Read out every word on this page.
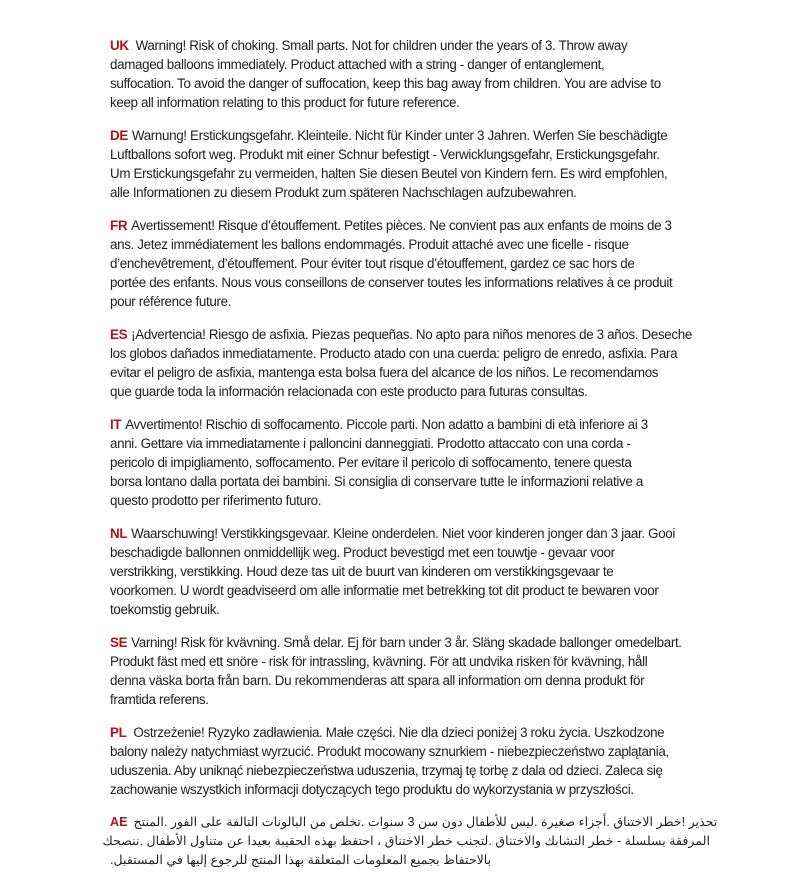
UK Warning! Risk of choking. Small parts. Not for children under the years of 3. Throw away
damaged balloons immediately. Product attached with a string - danger of entanglement,
suffocation. To avoid the danger of suffocation, keep this bag away from children. You are advise to
keep all information relating to this product for future reference.
DE Warnung! Erstickungsgefahr. Kleinteile. Nicht für Kinder unter 3 Jahren. Werfen Sie beschädigte
Luftballons sofort weg. Produkt mit einer Schnur befestigt - Verwicklungsgefahr, Erstickungsgefahr.
Um Erstickungsgefahr zu vermeiden, halten Sie diesen Beutel von Kindern fern. Es wird empfohlen,
alle Informationen zu diesem Produkt zum späteren Nachschlagen aufzubewahren.
FR Avertissement! Risque d’étouffement. Petites pièces. Ne convient pas aux enfants de moins de 3
ans. Jetez immédiatement les ballons endommagés. Produit attaché avec une ficelle - risque
d’enchevêtrement, d’étouffement. Pour éviter tout risque d’étouffement, gardez ce sac hors de
portée des enfants. Nous vous conseillons de conserver toutes les informations relatives à ce produit
pour référence future.
ES ¡Advertencia! Riesgo de asfixia. Piezas pequeñas. No apto para niños menores de 3 años. Deseche
los globos dañados inmediatamente. Producto atado con una cuerda: peligro de enredo, asfixia. Para
evitar el peligro de asfixia, mantenga esta bolsa fuera del alcance de los niños. Le recomendamos
que guarde toda la información relacionada con este producto para futuras consultas.
IT Avvertimento! Rischio di soffocamento. Piccole parti. Non adatto a bambini di età inferiore ai 3
anni. Gettare via immediatamente i palloncini danneggiati. Prodotto attaccato con una corda -
pericolo di impigliamento, soffocamento. Per evitare il pericolo di soffocamento, tenere questa
borsa lontano dalla portata dei bambini. Si consiglia di conservare tutte le informazioni relative a
questo prodotto per riferimento futuro.
NL Waarschuwing! Verstikkingsgevaar. Kleine onderdelen. Niet voor kinderen jonger dan 3 jaar. Gooi
beschadigde ballonnen onmiddellijk weg. Product bevestigd met een touwtje - gevaar voor
verstrikking, verstikking. Houd deze tas uit de buurt van kinderen om verstikkingsgevaar te
voorkomen. U wordt geadviseerd om alle informatie met betrekking tot dit product te bewaren voor
toekomstig gebruik.
SE Varning! Risk för kvävning. Små delar. Ej för barn under 3 år. Släng skadade ballonger omedelbart.
Produkt fäst med ett snöre - risk för intrassling, kvävning. För att undvika risken för kvävning, håll
denna väska borta från barn. Du rekommenderas att spara all information om denna produkt för
framtida referens.
PL Ostrzeżenie! Ryzyko zadławienia. Małe części. Nie dla dzieci poniżej 3 roku życia. Uszkodzone
balony należy natychmiast wyrzucić. Produkt mocowany sznurkiem - niebezpieczeństwo zaplątania,
uduszenia. Aby uniknąć niebezpieczeństwa uduszenia, trzymaj tę torbę z dala od dzieci. Zaleca się
zachowanie wszystkich informacji dotyczących tego produktu do wykorzystania w przyszłości.
AE تحذير !خطر الاختناق .أجزاء صغيرة .ليس للأطفال دون سن 3 سنوات .تخلص من البالونات التالفة على الفور .المنتج
المرفقة بسلسلة - خطر التشابك والاختناق .لتجنب خطر الاختناق ، احتفظ بهذه الحقيبة بعيدا عن متناول الأطفال .ننصحك
بالاحتفاظ بجميع المعلومات المتعلقة بهذا المنتج للرجوع إليها في المستقبل.
